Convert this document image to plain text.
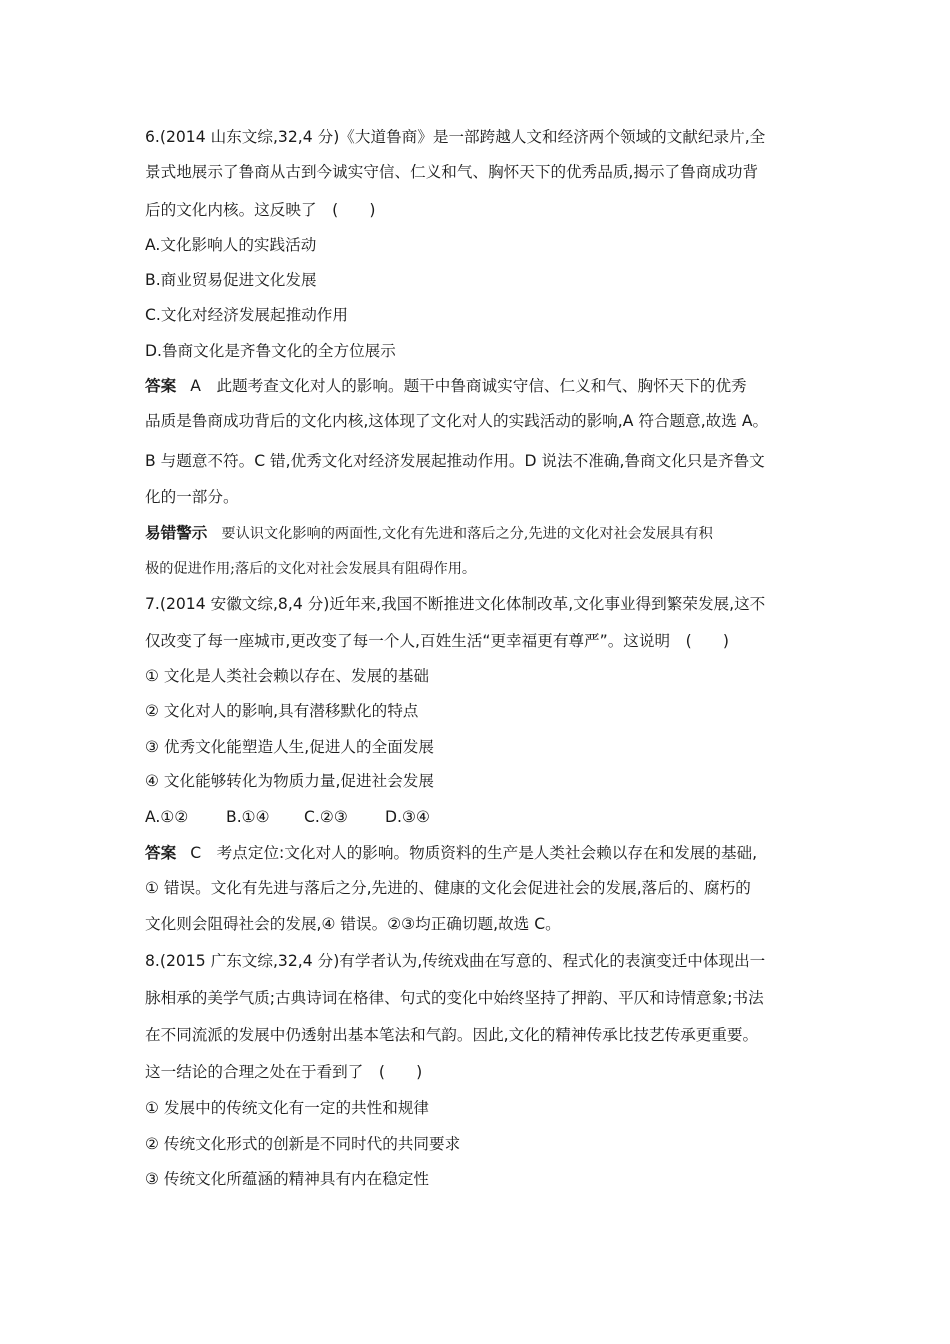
6.(2014 山东文综,32,4 分)《大道鲁商》是一部跨越人文和经济两个领域的文献纪录片,全
景式地展示了鲁商从古到今诚实守信、仁义和气、胸怀天下的优秀品质,揭示了鲁商成功背
后的文化内核。这反映了　(　　)
A.文化影响人的实践活动
B.商业贸易促进文化发展
C.文化对经济发展起推动作用
D.鲁商文化是齐鲁文化的全方位展示
答案 A　此题考查文化对人的影响。题干中鲁商诚实守信、仁义和气、胸怀天下的优秀
品质是鲁商成功背后的文化内核,这体现了文化对人的实践活动的影响,A 符合题意,故选 A。
B 与题意不符。C 错,优秀文化对经济发展起推动作用。D 说法不准确,鲁商文化只是齐鲁文
化的一部分。
易错警示 要认识文化影响的两面性,文化有先进和落后之分,先进的文化对社会发展具有积
极的促进作用;落后的文化对社会发展具有阻碍作用。
7.(2014 安徽文综,8,4 分)近年来,我国不断推进文化体制改革,文化事业得到繁荣发展,这不
仅改变了每一座城市,更改变了每一个人,百姓生活“更幸福更有尊严”。这说明　(　　)
① 文化是人类社会赖以存在、发展的基础
② 文化对人的影响,具有潜移默化的特点
③ 优秀文化能塑造人生,促进人的全面发展
④ 文化能够转化为物质力量,促进社会发展
A.①② B.①④ C.②③ D.③④
答案 C　考点定位:文化对人的影响。物质资料的生产是人类社会赖以存在和发展的基础,
① 错误。文化有先进与落后之分,先进的、健康的文化会促进社会的发展,落后的、腐朽的
文化则会阻碍社会的发展,④ 错误。②③均正确切题,故选 C。
8.(2015 广东文综,32,4 分)有学者认为,传统戏曲在写意的、程式化的表演变迁中体现出一
脉相承的美学气质;古典诗词在格律、句式的变化中始终坚持了押韵、平仄和诗情意象;书法
在不同流派的发展中仍透射出基本笔法和气韵。因此,文化的精神传承比技艺传承更重要。
这一结论的合理之处在于看到了　(　　)
① 发展中的传统文化有一定的共性和规律
② 传统文化形式的创新是不同时代的共同要求
③ 传统文化所蕴涵的精神具有内在稳定性
